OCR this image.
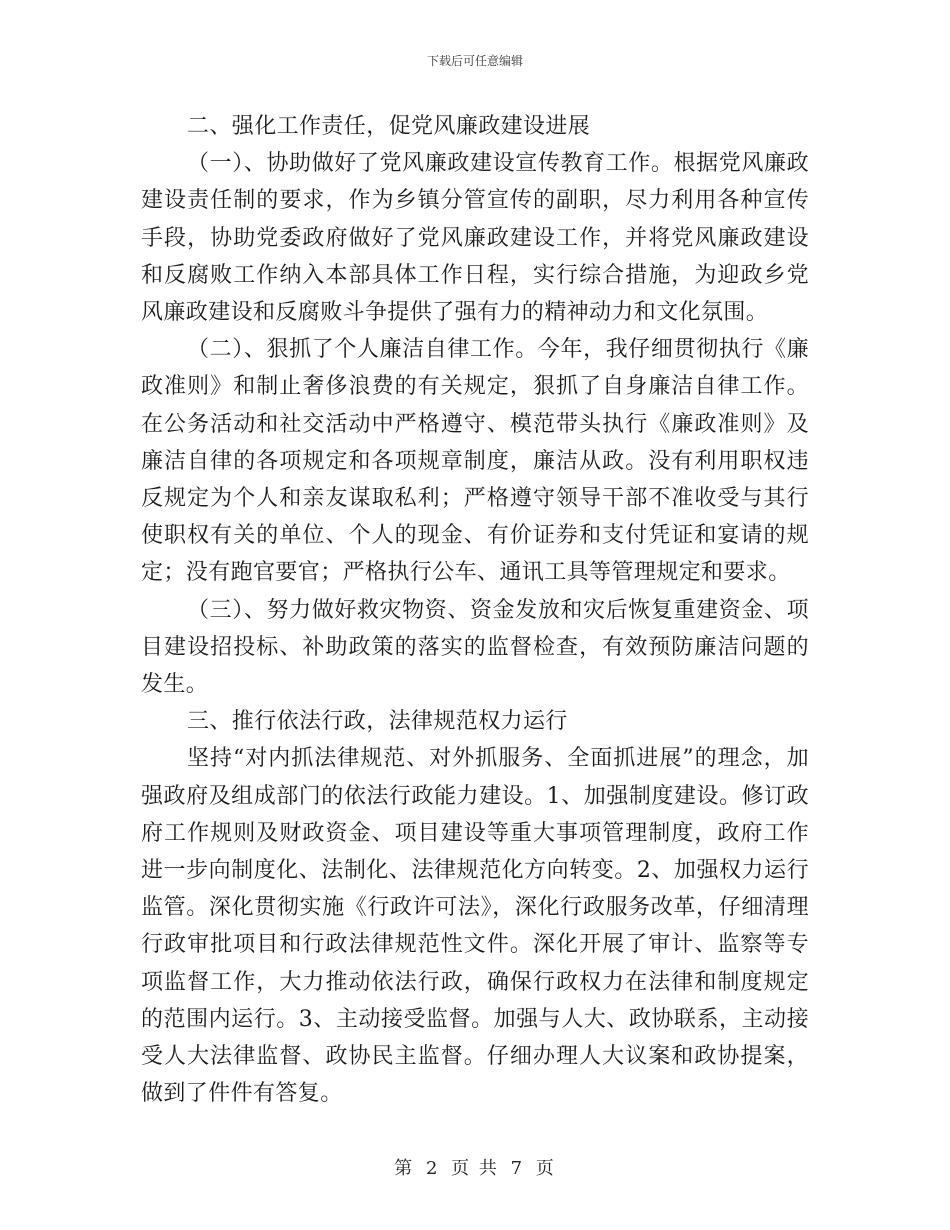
下载后可任意编辑

二、强化工作责任，促党风廉政建设进展

（一）、协助做好了党风廉政建设宣传教育工作。根据党风廉政建设责任制的要求，作为乡镇分管宣传的副职，尽力利用各种宣传手段，协助党委政府做好了党风廉政建设工作，并将党风廉政建设和反腐败工作纳入本部具体工作日程，实行综合措施，为迎政乡党风廉政建设和反腐败斗争提供了强有力的精神动力和文化氛围。

（二）、狠抓了个人廉洁自律工作。今年，我仔细贯彻执行《廉政准则》和制止奢侈浪费的有关规定，狠抓了自身廉洁自律工作。在公务活动和社交活动中严格遵守、模范带头执行《廉政准则》及廉洁自律的各项规定和各项规章制度，廉洁从政。没有利用职权违反规定为个人和亲友谋取私利；严格遵守领导干部不准收受与其行使职权有关的单位、个人的现金、有价证券和支付凭证和宴请的规定；没有跑官要官；严格执行公车、通讯工具等管理规定和要求。

（三）、努力做好救灾物资、资金发放和灾后恢复重建资金、项目建设招投标、补助政策的落实的监督检查，有效预防廉洁问题的发生。

三、推行依法行政，法律规范权力运行

坚持“对内抓法律规范、对外抓服务、全面抓进展”的理念，加强政府及组成部门的依法行政能力建设。1、加强制度建设。修订政府工作规则及财政资金、项目建设等重大事项管理制度，政府工作进一步向制度化、法制化、法律规范化方向转变。2、加强权力运行监管。深化贯彻实施《行政许可法》，深化行政服务改革，仔细清理行政审批项目和行政法律规范性文件。深化开展了审计、监察等专项监督工作，大力推动依法行政，确保行政权力在法律和制度规定的范围内运行。3、主动接受监督。加强与人大、政协联系，主动接受人大法律监督、政协民主监督。仔细办理人大议案和政协提案，做到了件件有答复。

第 2 页 共 7 页
